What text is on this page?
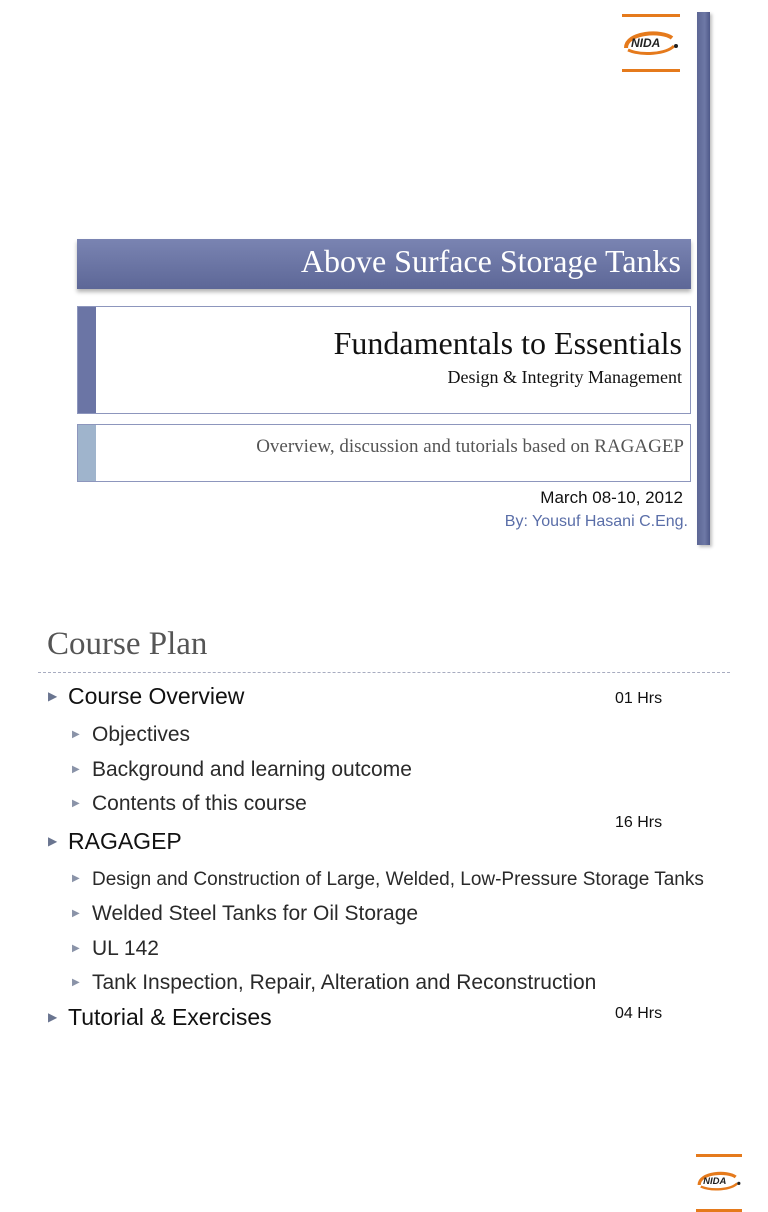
NIDA
Above Surface Storage Tanks
Fundamentals to Essentials
Design & Integrity Management
Overview, discussion and tutorials based on RAGAGEP
March 08-10, 2012
By: Yousuf Hasani C.Eng.
NIDA
Course Plan
▶ Course Overview	01 Hrs
▶ Objectives
▶ Background and learning outcome
▶ Contents of this course
16 Hrs
▶ RAGAGEP
▶ Design and Construction of Large, Welded, Low-Pressure Storage Tanks
▶ Welded Steel Tanks for Oil Storage
▶ UL 142
▶ Tank Inspection, Repair, Alteration and Reconstruction
▶ Tutorial & Exercises	04 Hrs
